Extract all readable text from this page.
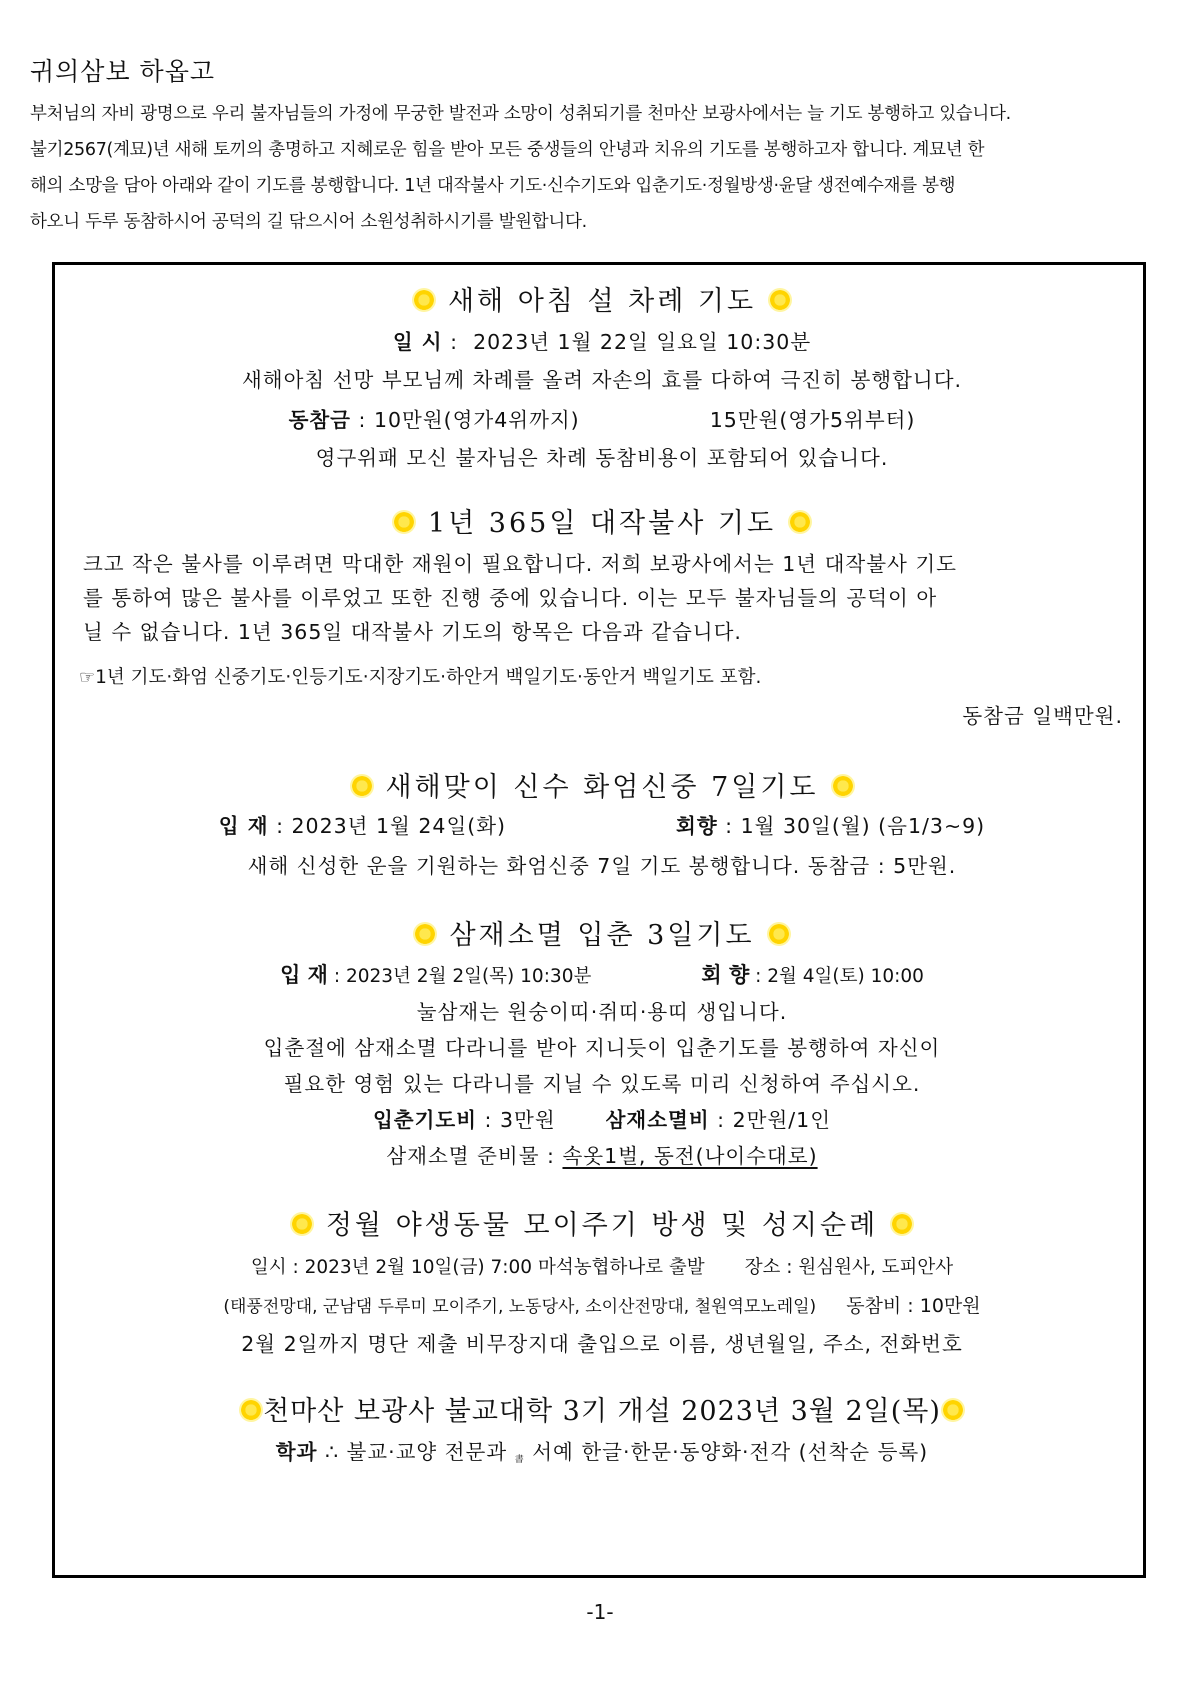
귀의삼보 하옵고
부처님의 자비 광명으로 우리 불자님들의 가정에 무궁한 발전과 소망이 성취되기를 천마산 보광사에서는 늘 기도 봉행하고 있습니다.
불기2567(계묘)년 새해 토끼의 총명하고 지혜로운 힘을 받아 모든 중생들의 안녕과 치유의 기도를 봉행하고자 합니다. 계묘년 한
해의 소망을 담아 아래와 같이 기도를 봉행합니다. 1년 대작불사 기도·신수기도와 입춘기도·정월방생·윤달 생전예수재를 봉행
하오니 두루 동참하시어 공덕의 길 닦으시어 소원성취하시기를 발원합니다.
새해 아침 설 차례 기도
일 시 :  2023년 1월 22일 일요일 10:30분
새해아침 선망 부모님께 차례를 올려 자손의 효를 다하여 극진히 봉행합니다.
동참금 : 10만원(영가4위까지)	15만원(영가5위부터)
영구위패 모신 불자님은 차례 동참비용이 포함되어 있습니다.
1년 365일 대작불사 기도
크고 작은 불사를 이루려면 막대한 재원이 필요합니다. 저희 보광사에서는 1년 대작불사 기도
를 통하여 많은 불사를 이루었고 또한 진행 중에 있습니다. 이는 모두 불자님들의 공덕이 아
닐 수 없습니다. 1년 365일 대작불사 기도의 항목은 다음과 같습니다.
☞1년 기도·화엄 신중기도·인등기도·지장기도·하안거 백일기도·동안거 백일기도 포함.
동참금 일백만원.
새해맞이 신수 화엄신중 7일기도
입 재 : 2023년 1월 24일(화)	회향 : 1월 30일(월) (음1/3~9)
새해 신성한 운을 기원하는 화엄신중 7일 기도 봉행합니다. 동참금 : 5만원.
삼재소멸 입춘 3일기도
입 재 : 2023년 2월 2일(목) 10:30분	회 향 : 2월 4일(토) 10:00
눌삼재는 원숭이띠·쥐띠·용띠 생입니다.
입춘절에 삼재소멸 다라니를 받아 지니듯이 입춘기도를 봉행하여 자신이
필요한 영험 있는 다라니를 지닐 수 있도록 미리 신청하여 주십시오.
입춘기도비 : 3만원 삼재소멸비 : 2만원/1인
삼재소멸 준비물 : 속옷1벌, 동전(나이수대로)
정월 야생동물 모이주기 방생 및 성지순례
일시 : 2023년 2월 10일(금) 7:00 마석농협하나로 출발 장소 : 원심원사, 도피안사
(태풍전망대, 군남댐 두루미 모이주기, 노동당사, 소이산전망대, 철원역모노레일) 동참비 : 10만원
2월 2일까지 명단 제출 비무장지대 출입으로 이름, 생년월일, 주소, 전화번호
천마산 보광사 불교대학 3기 개설 2023년 3월 2일(목)
학과 ∴ 불교·교양 전문과 書 서예 한글·한문·동양화·전각 (선착순 등록)
-1-
